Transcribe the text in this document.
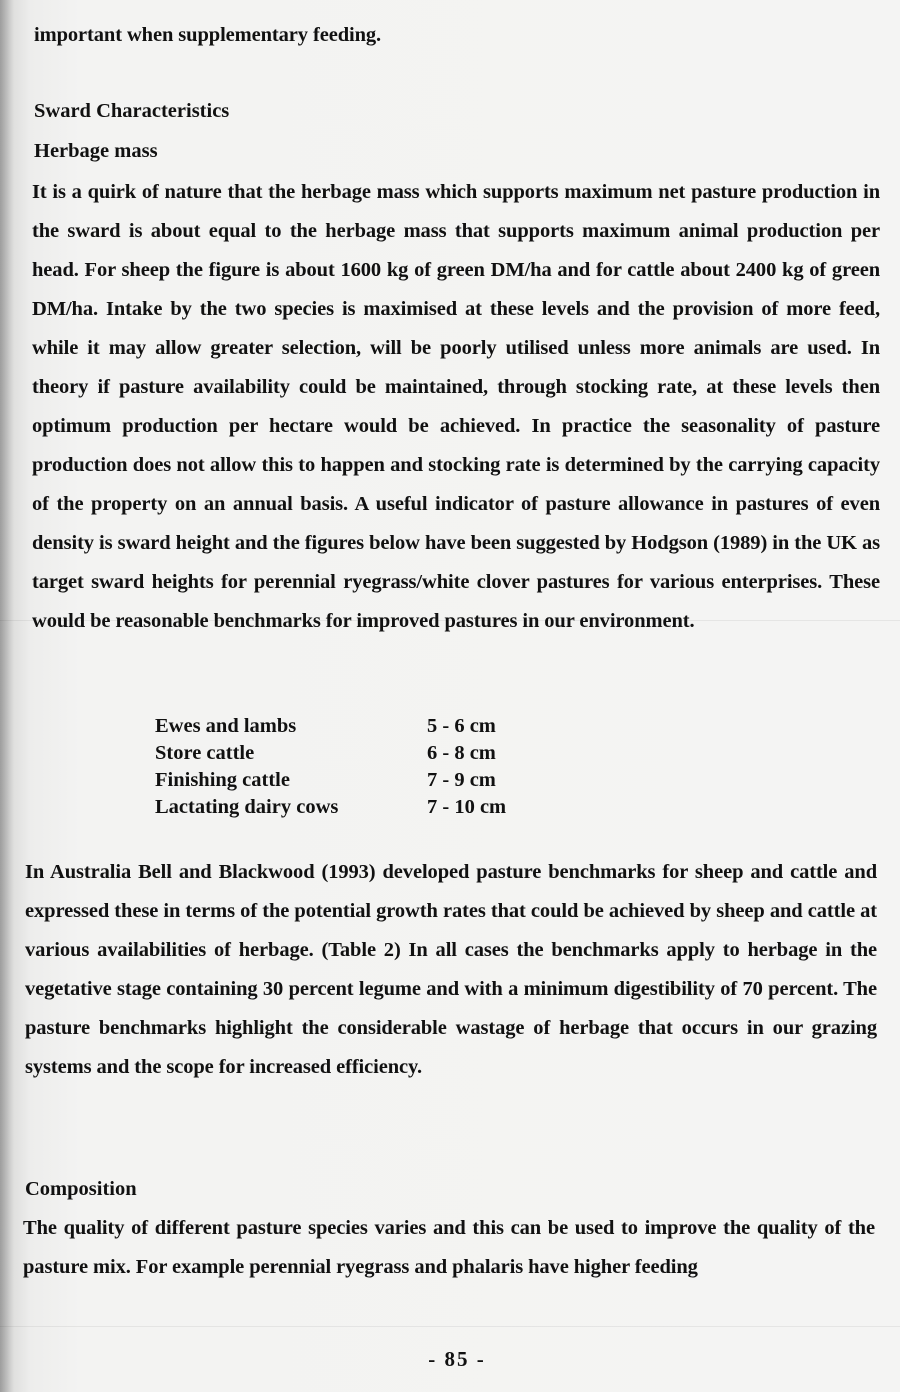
important when supplementary feeding.
Sward Characteristics
Herbage mass
It is a quirk of nature that the herbage mass which supports maximum net pasture production in the sward is about equal to the herbage mass that supports maximum animal production per head. For sheep the figure is about 1600 kg of green DM/ha and for cattle about 2400 kg of green DM/ha. Intake by the two species is maximised at these levels and the provision of more feed, while it may allow greater selection, will be poorly utilised unless more animals are used. In theory if pasture availability could be maintained, through stocking rate, at these levels then optimum production per hectare would be achieved. In practice the seasonality of pasture production does not allow this to happen and stocking rate is determined by the carrying capacity of the property on an annual basis. A useful indicator of pasture allowance in pastures of even density is sward height and the figures below have been suggested by Hodgson (1989) in the UK as target sward heights for perennial ryegrass/white clover pastures for various enterprises. These would be reasonable benchmarks for improved pastures in our environment.
Ewes and lambs	5 - 6 cm
Store cattle	6 - 8 cm
Finishing cattle	7 - 9 cm
Lactating dairy cows	7 - 10 cm
In Australia Bell and Blackwood (1993) developed pasture benchmarks for sheep and cattle and expressed these in terms of the potential growth rates that could be achieved by sheep and cattle at various availabilities of herbage. (Table 2) In all cases the benchmarks apply to herbage in the vegetative stage containing 30 percent legume and with a minimum digestibility of 70 percent. The pasture benchmarks highlight the considerable wastage of herbage that occurs in our grazing systems and the scope for increased efficiency.
Composition
The quality of different pasture species varies and this can be used to improve the quality of the pasture mix. For example perennial ryegrass and phalaris have higher feeding
- 85 -
